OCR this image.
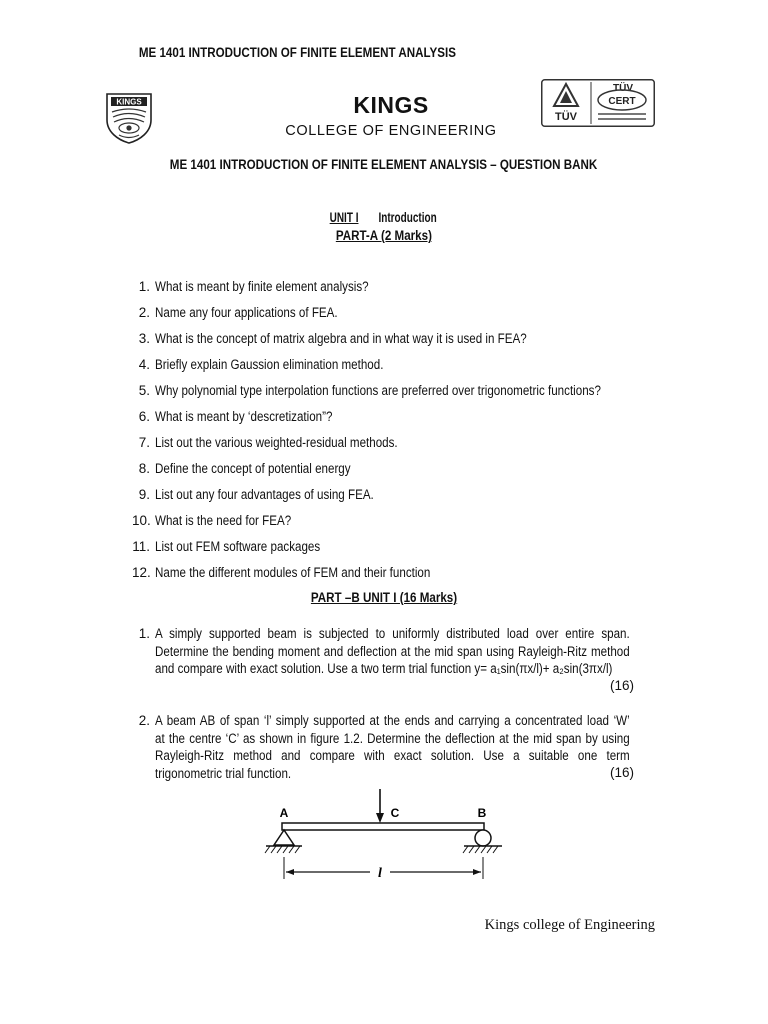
ME 1401 INTRODUCTION OF FINITE ELEMENT ANALYSIS
KINGS	KINGS
COLLEGE OF ENGINEERING
TÜV
TÜV
CERT
ME 1401 INTRODUCTION OF FINITE ELEMENT ANALYSIS – QUESTION BANK
UNIT I Introduction
PART-A (2 Marks)
1. What is meant by finite element analysis?
2. Name any four applications of FEA.
3. What is the concept of matrix algebra and in what way it is used in FEA?
4. Briefly explain Gaussion elimination method.
5. Why polynomial type interpolation functions are preferred over trigonometric functions?
6. What is meant by ‘descretization”?
7. List out the various weighted-residual methods.
8. Define the concept of potential energy
9. List out any four advantages of using FEA.
10. What is the need for FEA?
11. List out FEM software packages
12. Name the different modules of FEM and their function
PART –B UNIT I (16 Marks)
1. A simply supported beam is subjected to uniformly distributed load over entire span.
Determine the bending moment and deflection at the mid span using Rayleigh-Ritz method
and compare with exact solution. Use a two term trial function y= a₁sin(πx/l)+ a₂sin(3πx/l)
(16)
2. A beam AB of span ‘l’ simply supported at the ends and carrying a concentrated load ‘W’
at the centre ‘C’ as shown in figure 1.2. Determine the deflection at the mid span by using
Rayleigh-Ritz method and compare with exact solution. Use a suitable one term
trigonometric trial function.	(16)
A	C	B
l
Kings college of Engineering
